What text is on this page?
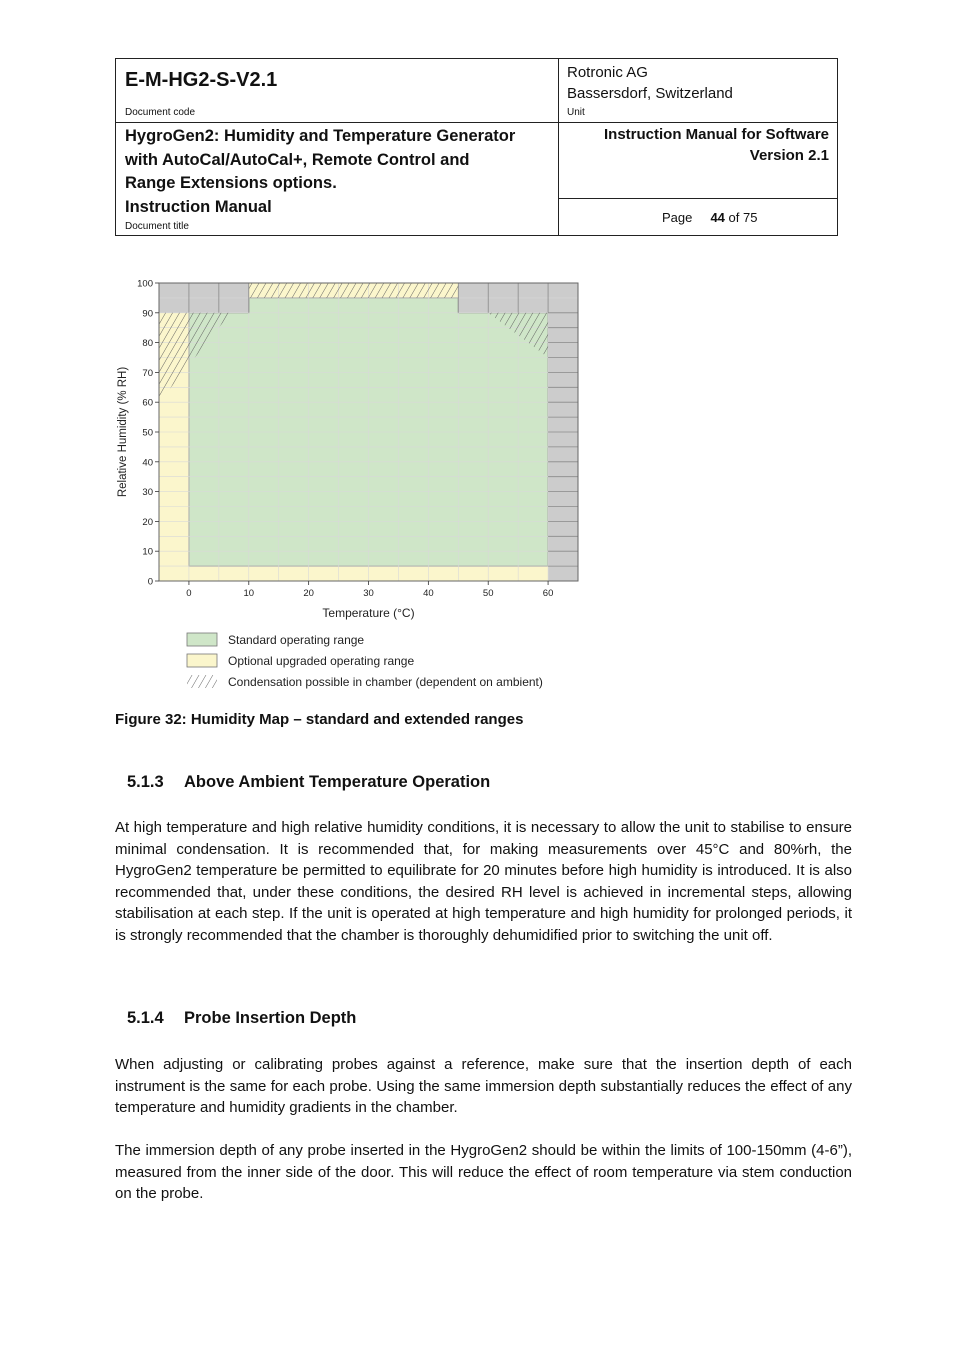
E-M-HG2-S-V2.1
Document code
Rotronic AG
Bassersdorf, Switzerland
Unit
HygroGen2: Humidity and Temperature Generator
with AutoCal/AutoCal+, Remote Control and
Range Extensions options.
Instruction Manual
Document title
Instruction Manual for Software
Version 2.1
Page 44 of 75
0
10
20
30
40
50
60
70
80
90
100
0	10	20	30	40	50	60
Temperature (°C)
Relative Humidity (% RH)
Standard operating range
Optional upgraded operating range
Condensation possible in chamber (dependent on ambient)
Figure 32: Humidity Map – standard and extended ranges
5.1.3 Above Ambient Temperature Operation
At high temperature and high relative humidity conditions, it is necessary to allow the unit to stabilise to ensure minimal condensation. It is recommended that, for making measurements over 45°C and 80%rh, the HygroGen2 temperature be permitted to equilibrate for 20 minutes before high humidity is introduced. It is also recommended that, under these conditions, the desired RH level is achieved in incremental steps, allowing stabilisation at each step. If the unit is operated at high temperature and high humidity for prolonged periods, it is strongly recommended that the chamber is thoroughly dehumidified prior to switching the unit off.
5.1.4 Probe Insertion Depth
When adjusting or calibrating probes against a reference, make sure that the insertion depth of each instrument is the same for each probe. Using the same immersion depth substantially reduces the effect of any temperature and humidity gradients in the chamber.
The immersion depth of any probe inserted in the HygroGen2 should be within the limits of 100-150mm (4-6”), measured from the inner side of the door. This will reduce the effect of room temperature via stem conduction on the probe.
